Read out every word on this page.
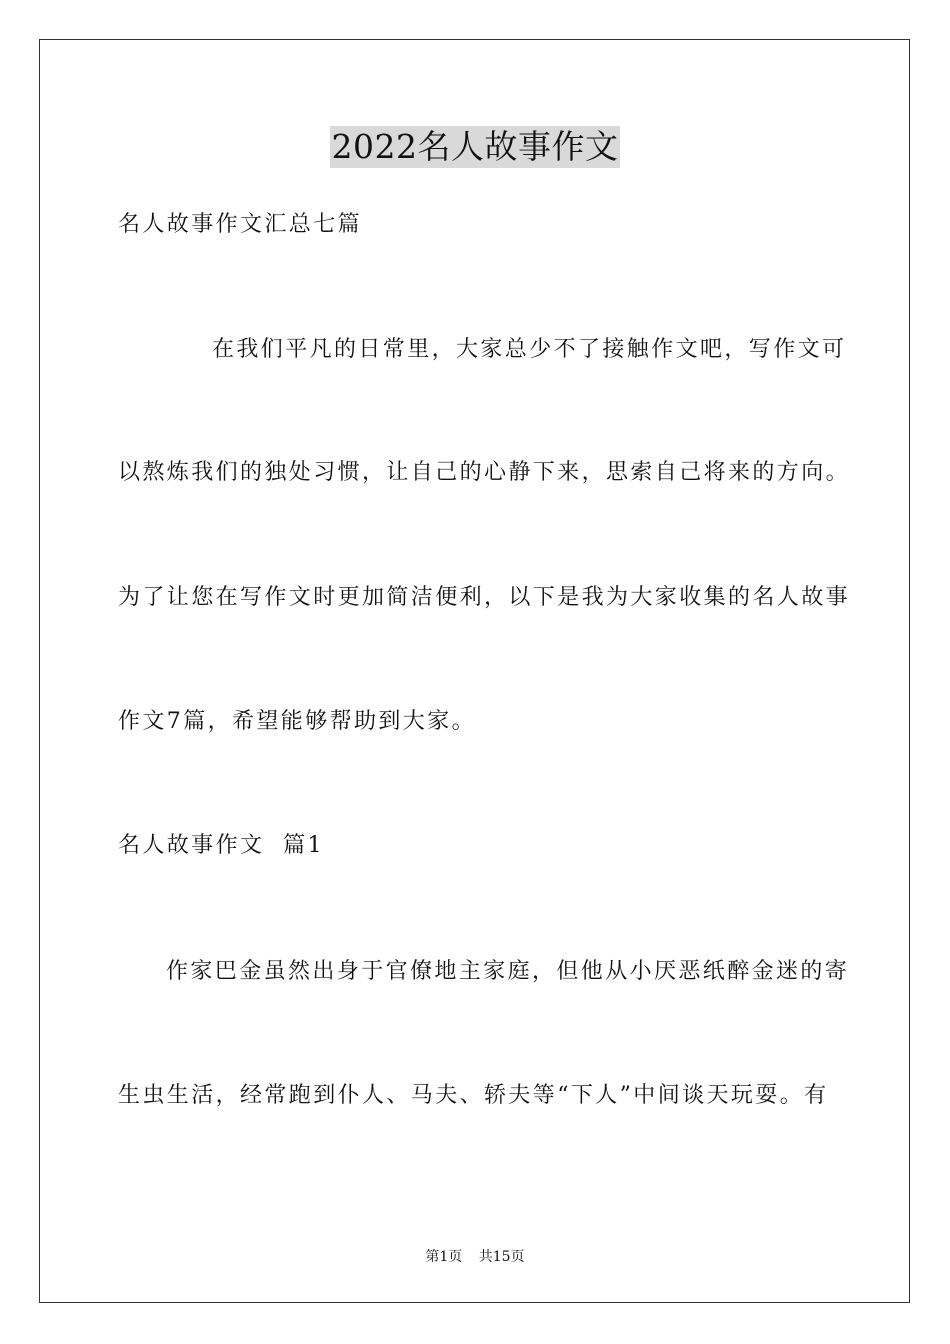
2022名人故事作文
名人故事作文汇总七篇
在我们平凡的日常里，大家总少不了接触作文吧，写作文可
以熬炼我们的独处习惯，让自己的心静下来，思索自己将来的方向。
为了让您在写作文时更加简洁便利，以下是我为大家收集的名人故事
作文7篇，希望能够帮助到大家。
名人故事作文  篇1
作家巴金虽然出身于官僚地主家庭，但他从小厌恶纸醉金迷的寄
生虫生活，经常跑到仆人、马夫、轿夫等“下人”中间谈天玩耍。有
第1页 共15页
